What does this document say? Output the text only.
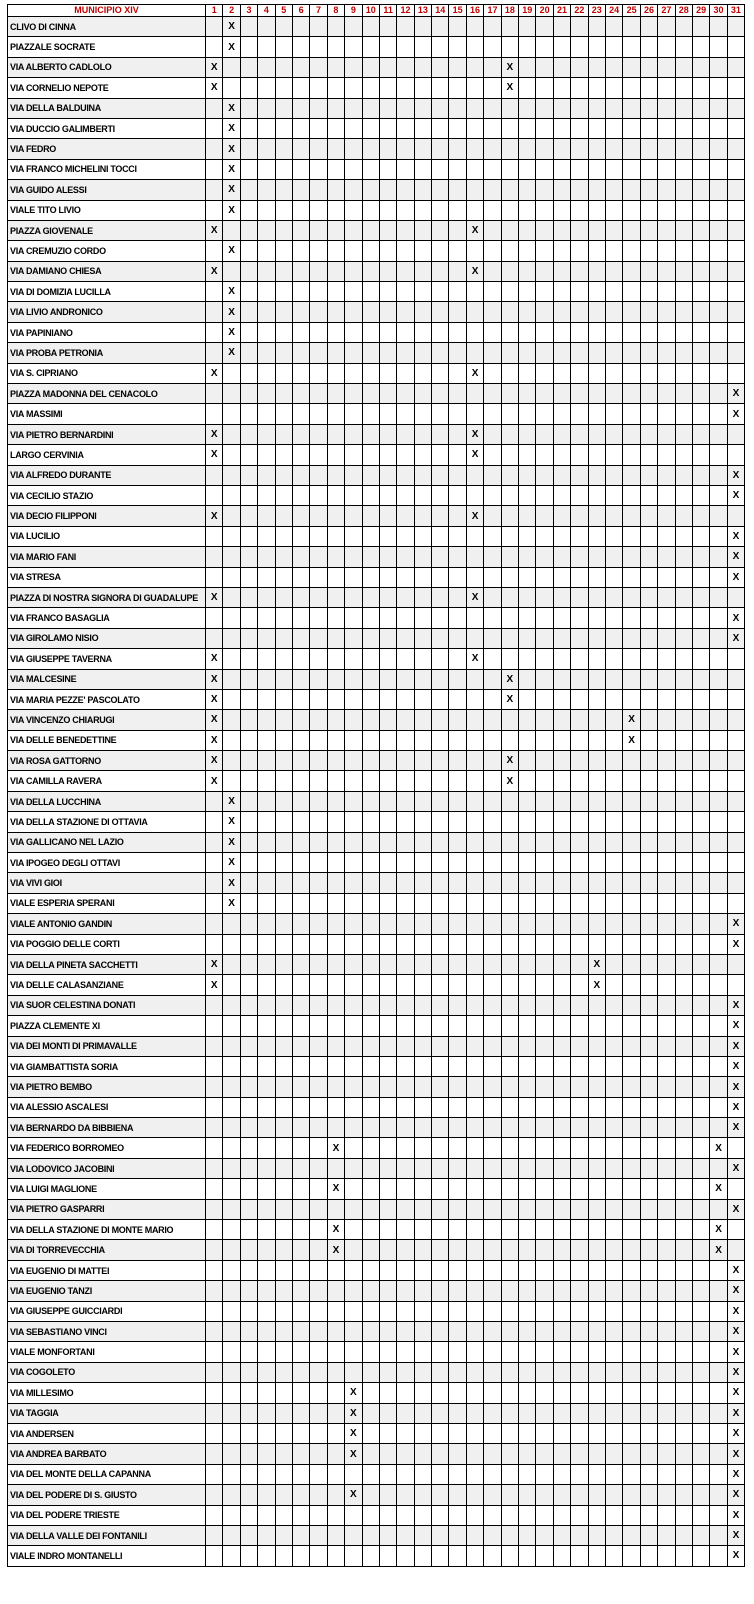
MUNICIPIO XIV	1	2	3	4	5	6	7	8	9	10	11	12	13	14	15	16	17	18	19	20	21	22	23	24	25	26	27	28	29	30	31
CLIVO DI CINNA		X																													
PIAZZALE SOCRATE		X																													
VIA ALBERTO CADLOLO	X																	X													
VIA CORNELIO NEPOTE	X																	X													
VIA DELLA BALDUINA		X																													
VIA DUCCIO GALIMBERTI		X																													
VIA FEDRO		X																													
VIA FRANCO MICHELINI TOCCI		X																													
VIA GUIDO ALESSI		X																													
VIALE TITO LIVIO		X																													
PIAZZA GIOVENALE	X															X															
VIA CREMUZIO CORDO		X																													
VIA DAMIANO CHIESA	X															X															
VIA DI DOMIZIA LUCILLA		X																													
VIA LIVIO ANDRONICO		X																													
VIA PAPINIANO		X																													
VIA PROBA PETRONIA		X																													
VIA S. CIPRIANO	X															X															
PIAZZA MADONNA DEL CENACOLO																															X
VIA MASSIMI																															X
VIA PIETRO BERNARDINI	X															X															
LARGO CERVINIA	X															X															
VIA ALFREDO DURANTE																															X
VIA CECILIO STAZIO																															X
VIA DECIO FILIPPONI	X															X															
VIA LUCILIO																															X
VIA MARIO FANI																															X
VIA STRESA																															X
PIAZZA DI NOSTRA SIGNORA DI GUADALUPE	X															X															
VIA FRANCO BASAGLIA																															X
VIA GIROLAMO NISIO																															X
VIA GIUSEPPE TAVERNA	X															X															
VIA MALCESINE	X																	X													
VIA MARIA PEZZE' PASCOLATO	X																	X													
VIA VINCENZO CHIARUGI	X																								X						
VIA DELLE BENEDETTINE	X																								X						
VIA ROSA GATTORNO	X																	X													
VIA CAMILLA RAVERA	X																	X													
VIA DELLA LUCCHINA		X																													
VIA DELLA STAZIONE DI OTTAVIA		X																													
VIA GALLICANO NEL LAZIO		X																													
VIA IPOGEO DEGLI OTTAVI		X																													
VIA VIVI GIOI		X																													
VIALE ESPERIA SPERANI		X																													
VIALE ANTONIO GANDIN																															X
VIA POGGIO DELLE CORTI																															X
VIA DELLA PINETA SACCHETTI	X																						X								
VIA DELLE CALASANZIANE	X																						X								
VIA SUOR CELESTINA DONATI																															X
PIAZZA CLEMENTE XI																															X
VIA DEI MONTI DI PRIMAVALLE																															X
VIA GIAMBATTISTA SORIA																															X
VIA PIETRO BEMBO																															X
VIA ALESSIO ASCALESI																															X
VIA BERNARDO DA BIBBIENA																															X
VIA FEDERICO BORROMEO								X																						X	
VIA LODOVICO JACOBINI																															X
VIA LUIGI MAGLIONE								X																						X	
VIA PIETRO GASPARRI																															X
VIA DELLA STAZIONE DI MONTE MARIO								X																						X	
VIA DI TORREVECCHIA								X																						X	
VIA EUGENIO DI MATTEI																															X
VIA EUGENIO TANZI																															X
VIA GIUSEPPE GUICCIARDI																															X
VIA SEBASTIANO VINCI																															X
VIALE MONFORTANI																															X
VIA COGOLETO																															X
VIA MILLESIMO									X																						X
VIA TAGGIA									X																						X
VIA ANDERSEN									X																						X
VIA ANDREA BARBATO									X																						X
VIA DEL MONTE DELLA CAPANNA																															X
VIA DEL PODERE DI S. GIUSTO									X																						X
VIA DEL PODERE TRIESTE																															X
VIA DELLA VALLE DEI FONTANILI																															X
VIALE INDRO MONTANELLI																															X
